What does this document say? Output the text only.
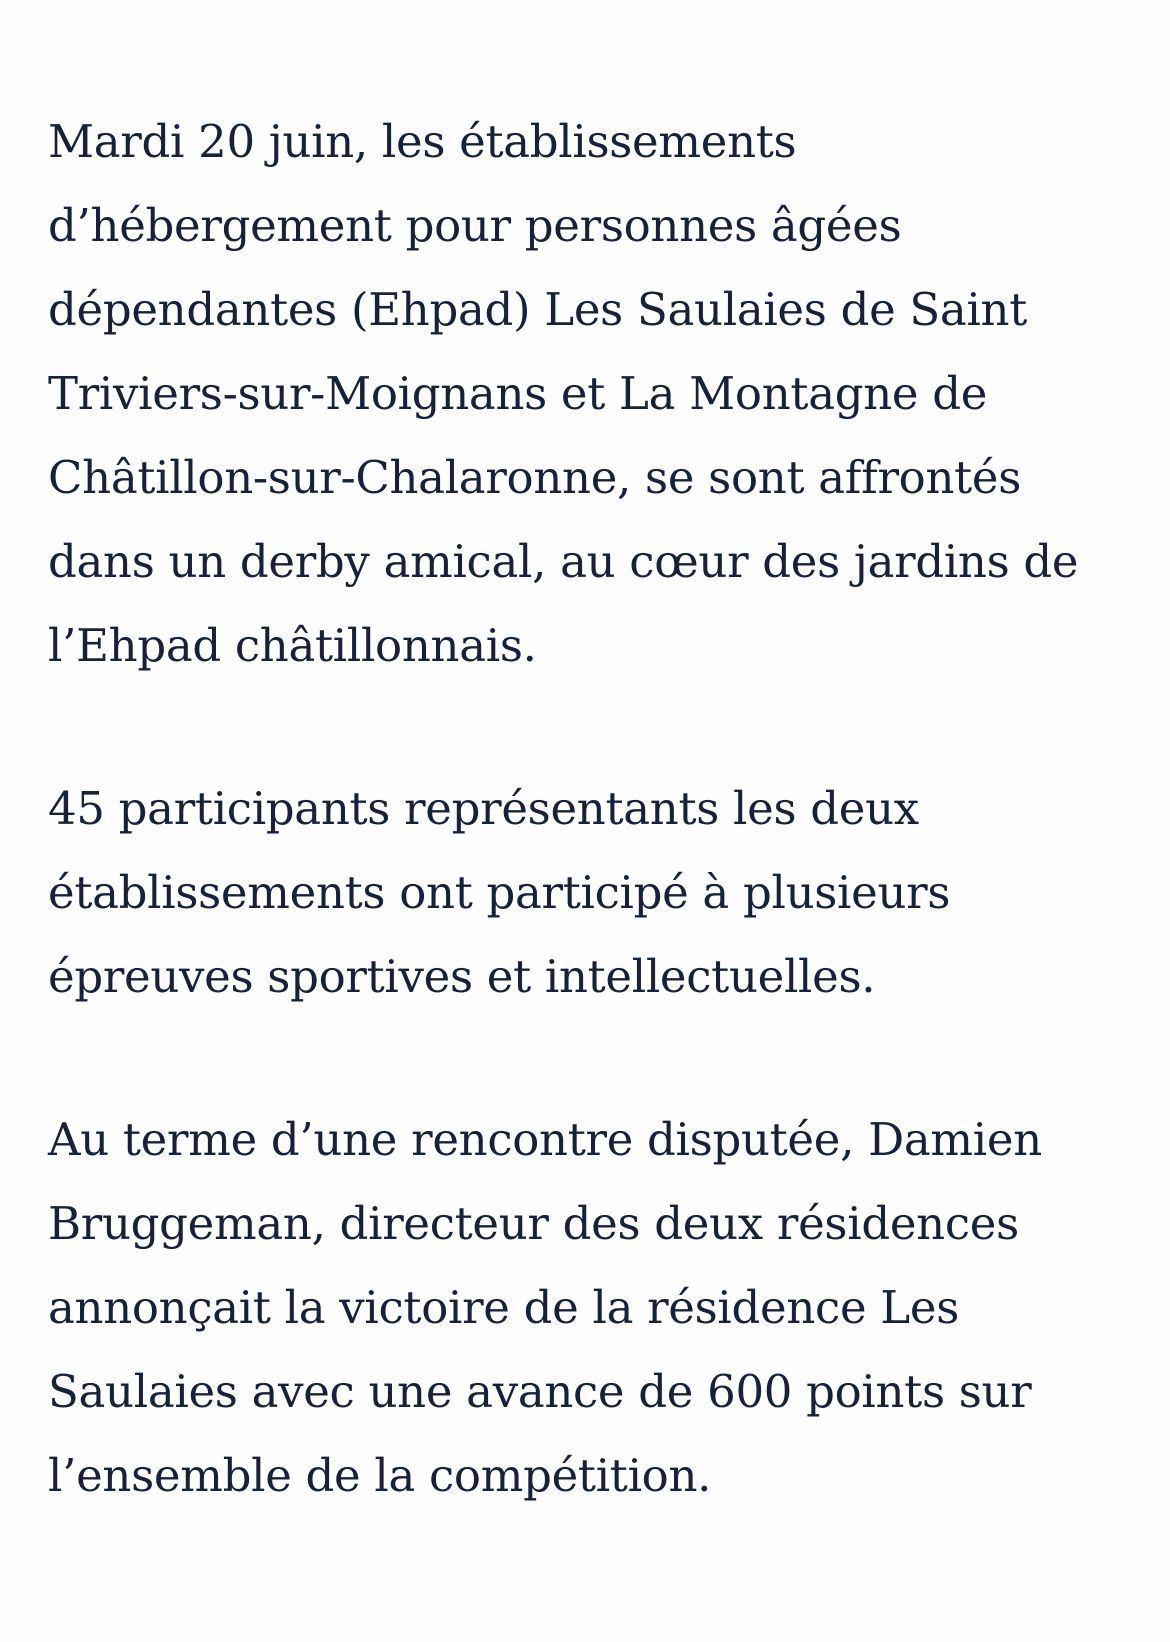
Mardi 20 juin, les établissements d’hébergement pour personnes âgées dépendantes (Ehpad) Les Saulaies de Saint Triviers-sur-Moignans et La Montagne de Châtillon-sur-Chalaronne, se sont affrontés dans un derby amical, au cœur des jardins de l’Ehpad châtillonnais.

45 participants représentants les deux établissements ont participé à plusieurs épreuves sportives et intellectuelles.

Au terme d’une rencontre disputée, Damien Bruggeman, directeur des deux résidences annonçait la victoire de la résidence Les Saulaies avec une avance de 600 points sur l’ensemble de la compétition.
